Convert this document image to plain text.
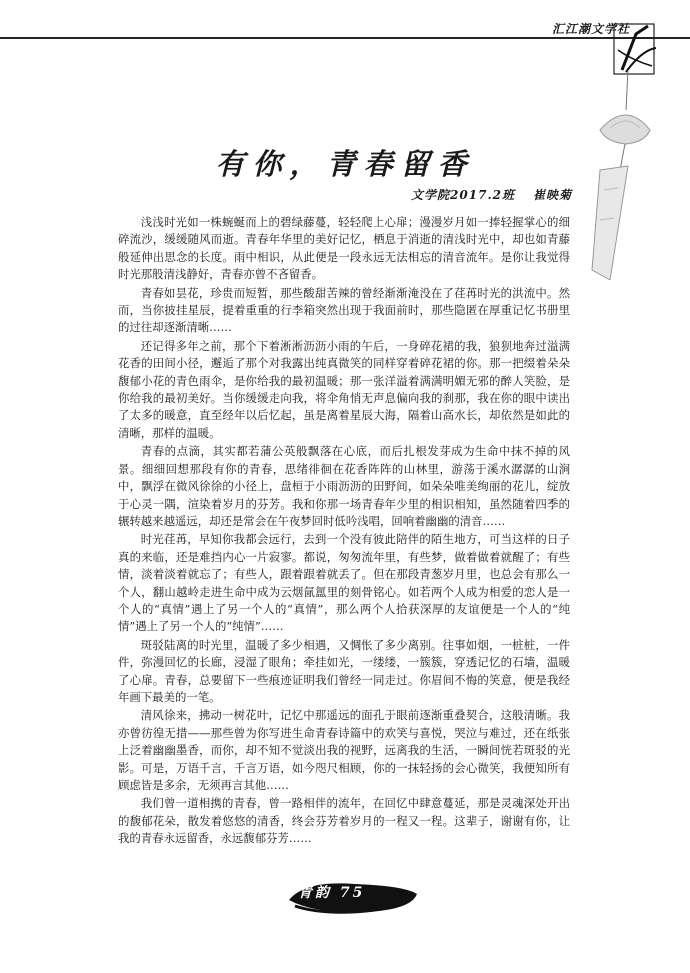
汇江潮文学社
有你，青春留香
文学院2017.2班 崔映菊

浅浅时光如一株蜿蜒而上的碧绿藤蔓，轻轻爬上心扉；漫漫岁月如一捧轻握掌心的细碎流沙，缓缓随风而逝。青春年华里的美好记忆，栖息于消逝的清浅时光中，却也如青藤般延伸出思念的长度。雨中相识，从此便是一段永远无法相忘的清音流年。是你让我觉得时光那般清浅静好，青春亦曾不吝留香。

青春如昙花，珍贵而短暂，那些酸甜苦辣的曾经渐渐淹没在了荏苒时光的洪流中。然而，当你披挂星辰，提着重重的行李箱突然出现于我面前时，那些隐匿在厚重记忆书册里的过往却逐渐清晰……

还记得多年之前，那个下着淅淅沥沥小雨的午后，一身碎花裙的我，狼狈地奔过溢满花香的田间小径，邂逅了那个对我露出纯真微笑的同样穿着碎花裙的你。那一把缀着朵朵馥郁小花的青色雨伞，是你给我的最初温暖；那一张洋溢着满满明媚无邪的醉人笑脸，是你给我的最初美好。当你缓缓走向我，将伞角悄无声息偏向我的刹那，我在你的眼中读出了太多的暖意，直至经年以后忆起，虽是离着星辰大海，隔着山高水长，却依然是如此的清晰，那样的温暖。

青春的点滴，其实都若蒲公英般飘落在心底，而后扎根发芽成为生命中抹不掉的风景。细细回想那段有你的青春，思绪徘徊在花香阵阵的山林里，游荡于溪水潺潺的山涧中，飘浮在微风徐徐的小径上，盘桓于小雨沥沥的田野间，如朵朵唯美绚丽的花儿，绽放于心灵一隅，渲染着岁月的芬芳。我和你那一场青春年少里的相识相知，虽然随着四季的辗转越来越遥远，却还是常会在午夜梦回时低吟浅唱，回响着幽幽的清音……

时光荏苒，早知你我都会远行，去到一个没有彼此陪伴的陌生地方，可当这样的日子真的来临，还是难挡内心一片寂寥。都说，匆匆流年里，有些梦，做着做着就醒了；有些情，淡着淡着就忘了；有些人，跟着跟着就丢了。但在那段青葱岁月里，也总会有那么一个人，翻山越岭走进生命中成为云烟氤氲里的刻骨铭心。如若两个人成为相爱的恋人是一个人的“真情”遇上了另一个人的“真情”，那么两个人拾获深厚的友谊便是一个人的“纯情”遇上了另一个人的“纯情”……

斑驳陆离的时光里，温暖了多少相遇，又惆怅了多少离别。往事如烟，一桩桩，一件件，弥漫回忆的长廊，浸湿了眼角；牵挂如光，一缕缕，一簇簇，穿透记忆的石墙，温暖了心扉。青春，总要留下一些痕迹证明我们曾经一同走过。你眉间不悔的笑意，便是我经年画下最美的一笔。

清风徐来，拂动一树花叶，记忆中那遥远的面孔于眼前逐渐重叠契合，这般清晰。我亦曾彷徨无措——那些曾为你写进生命青春诗篇中的欢笑与喜悦，哭泣与难过，还在纸张上泛着幽幽墨香，而你，却不知不觉淡出我的视野，远离我的生活，一瞬间恍若斑驳的光影。可是，万语千言，千言万语，如今咫尺相顾，你的一抹轻扬的会心微笑，我便知所有顾虑皆是多余，无须再言其他……

我们曾一道相携的青春，曾一路相伴的流年，在回忆中肆意蔓延，那是灵魂深处开出的馥郁花朵，散发着悠悠的清香，终会芬芳着岁月的一程又一程。这辈子，谢谢有你，让我的青春永远留香，永远馥郁芬芳……

青韵 75
